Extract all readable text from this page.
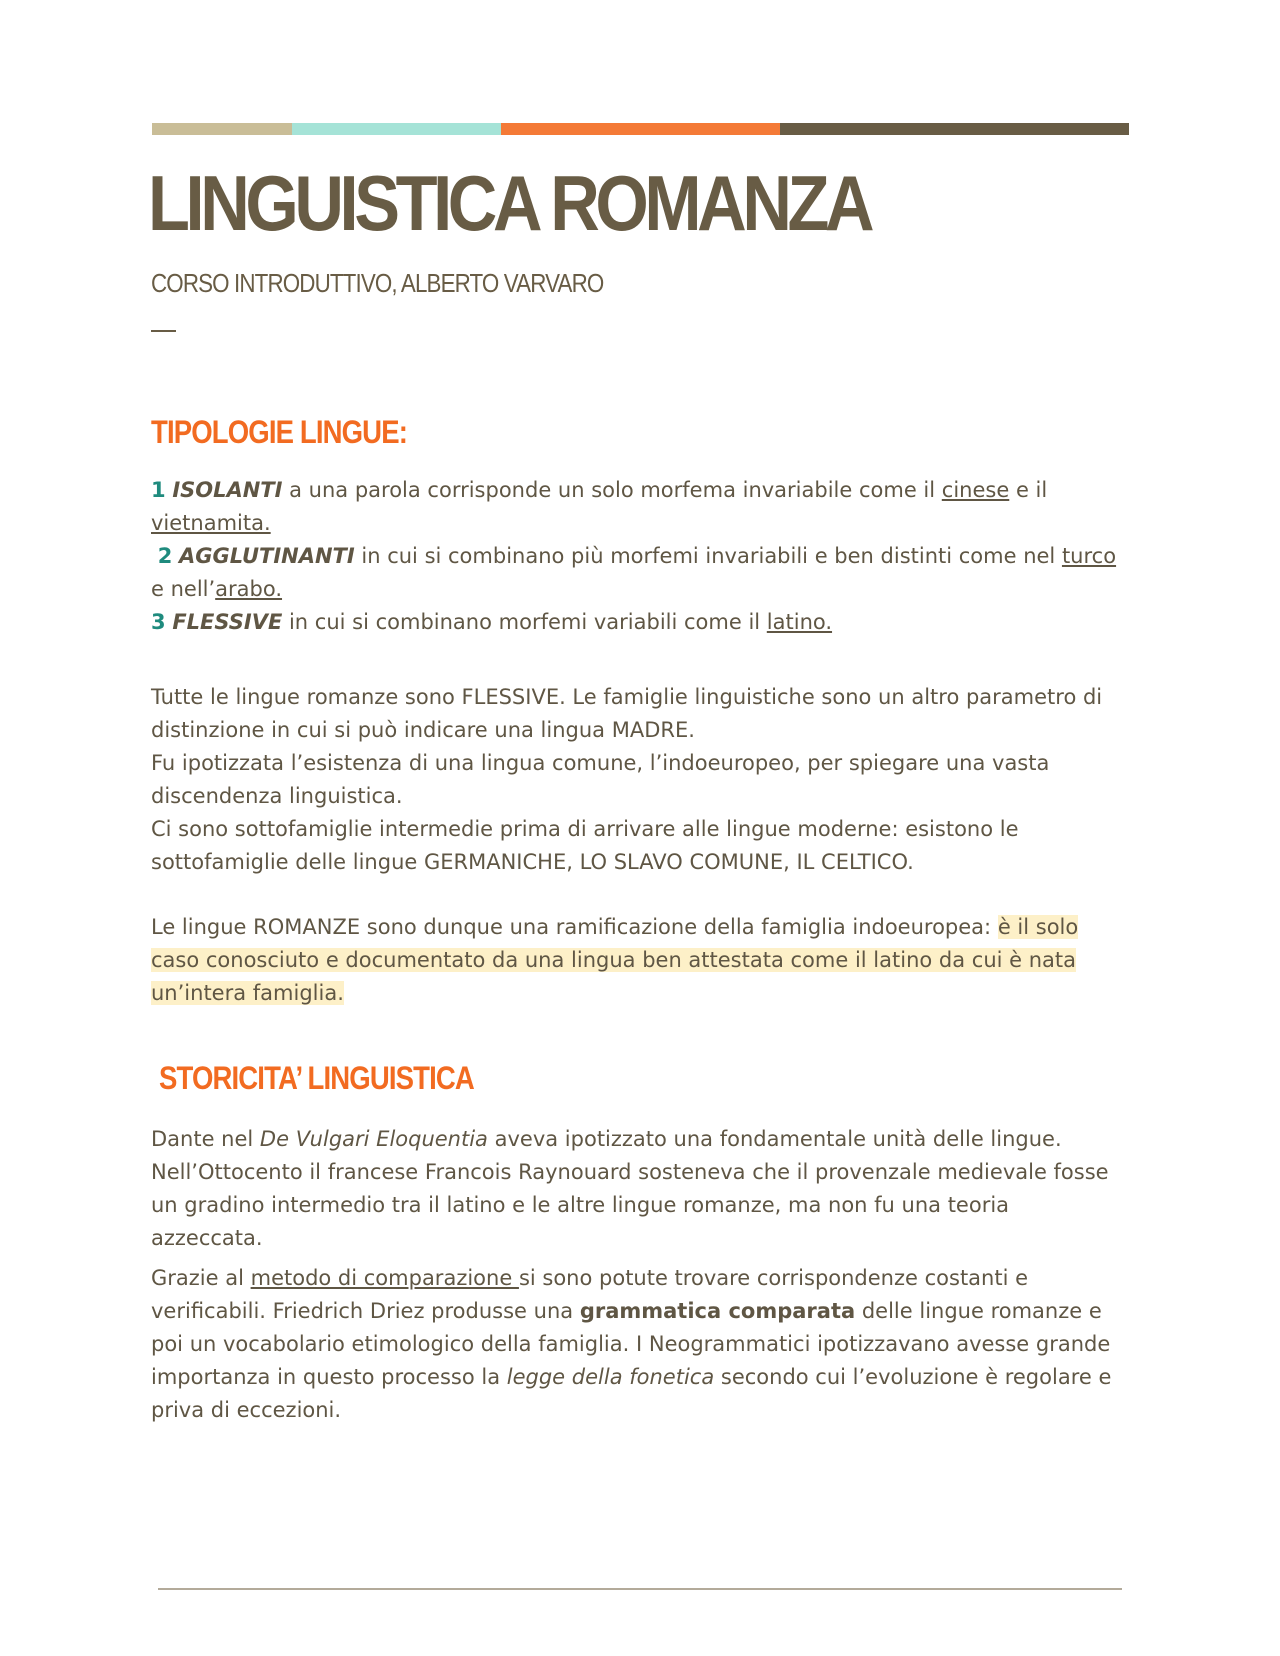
LINGUISTICA ROMANZA
CORSO INTRODUTTIVO, ALBERTO VARVARO
TIPOLOGIE LINGUE:

1 ISOLANTI a una parola corrisponde un solo morfema invariabile come il cinese e il vietnamita.
2 AGGLUTINANTI in cui si combinano più morfemi invariabili e ben distinti come nel turco e nell’arabo.
3 FLESSIVE in cui si combinano morfemi variabili come il latino.

Tutte le lingue romanze sono FLESSIVE. Le famiglie linguistiche sono un altro parametro di distinzione in cui si può indicare una lingua MADRE.
Fu ipotizzata l’esistenza di una lingua comune, l’indoeuropeo, per spiegare una vasta discendenza linguistica.
Ci sono sottofamiglie intermedie prima di arrivare alle lingue moderne: esistono le sottofamiglie delle lingue GERMANICHE, LO SLAVO COMUNE, IL CELTICO.

Le lingue ROMANZE sono dunque una ramificazione della famiglia indoeuropea: è il solo caso conosciuto e documentato da una lingua ben attestata come il latino da cui è nata un’intera famiglia.

STORICITA’ LINGUISTICA

Dante nel De Vulgari Eloquentia aveva ipotizzato una fondamentale unità delle lingue.
Nell’Ottocento il francese Francois Raynouard sosteneva che il provenzale medievale fosse un gradino intermedio tra il latino e le altre lingue romanze, ma non fu una teoria azzeccata.

Grazie al metodo di comparazione si sono potute trovare corrispondenze costanti e verificabili. Friedrich Driez produsse una grammatica comparata delle lingue romanze e poi un vocabolario etimologico della famiglia. I Neogrammatici ipotizzavano avesse grande importanza in questo processo la legge della fonetica secondo cui l’evoluzione è regolare e priva di eccezioni.
